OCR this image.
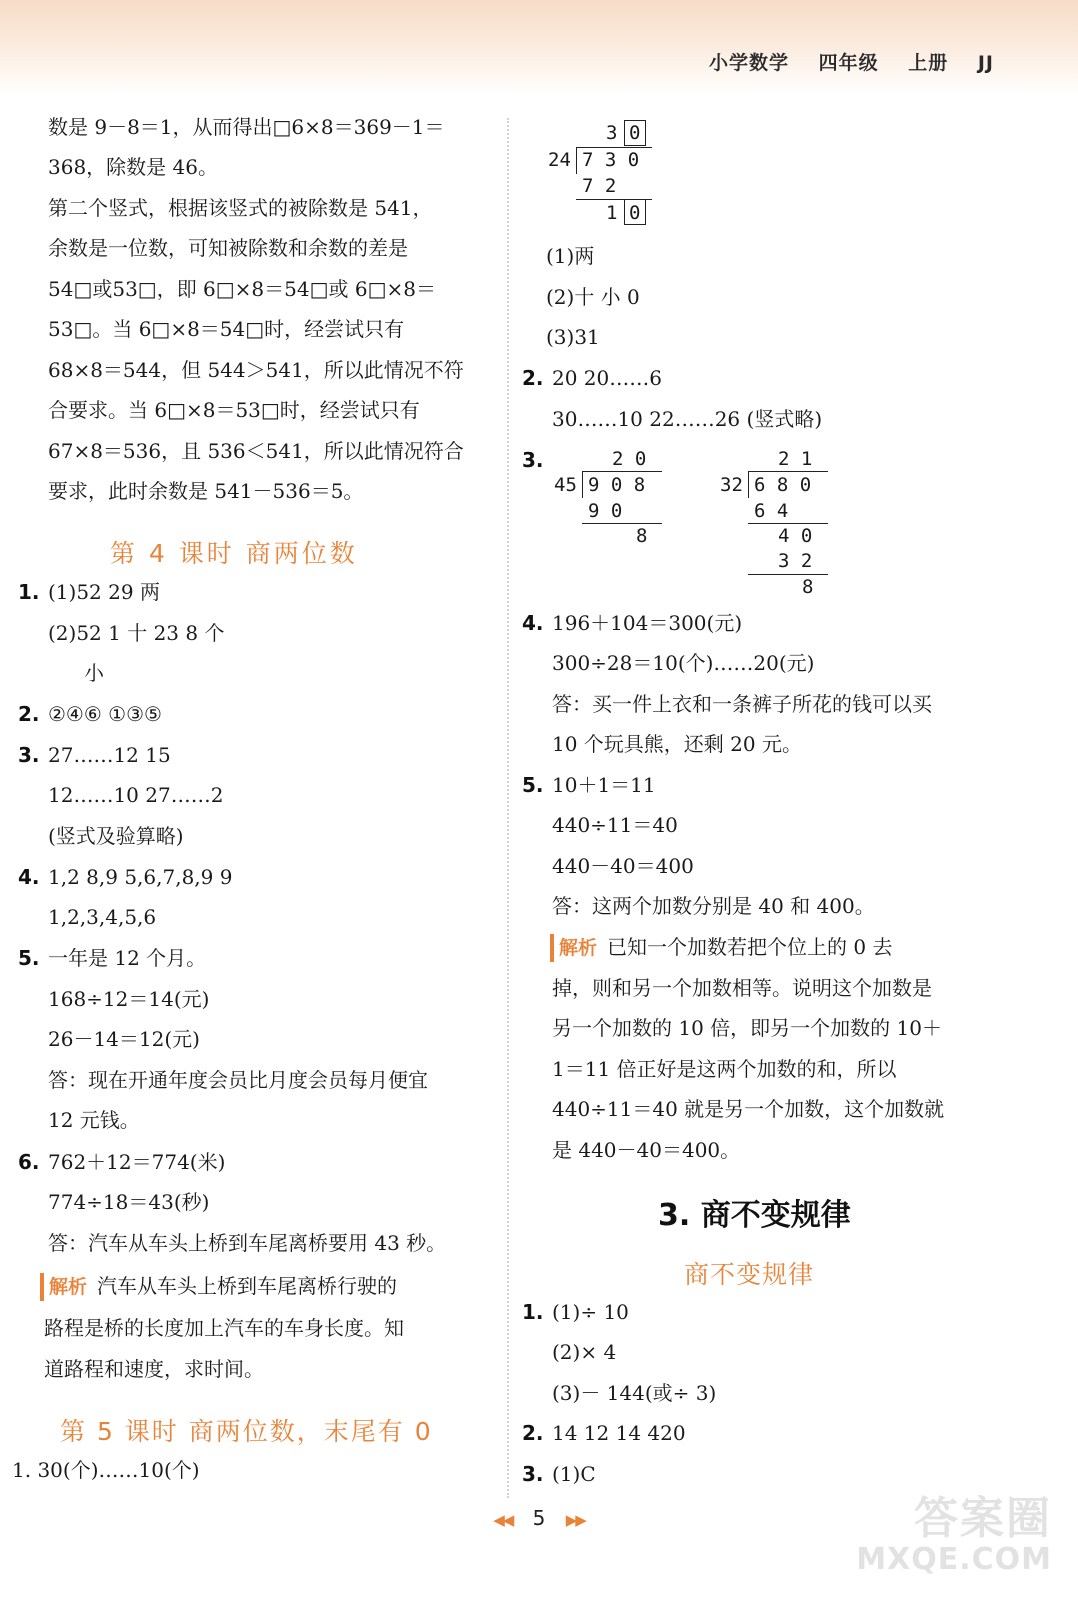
小学数学 四年级 上册 JJ
数是 9－8＝1，从而得出□6×8＝369－1＝
368，除数是 46。
第二个竖式，根据该竖式的被除数是 541，
余数是一位数，可知被除数和余数的差是
54□或53□，即 6□×8＝54□或 6□×8＝
53□。当 6□×8＝54□时，经尝试只有
68×8＝544，但 544＞541，所以此情况不符
合要求。当 6□×8＝53□时，经尝试只有
67×8＝536，且 536＜541，所以此情况符合
要求，此时余数是 541－536＝5。
第 4 课时 商两位数
1. (1)52 29 两
(2)52 1 十 23 8 个
小
2. ②④⑥ ①③⑤
3. 27……12 15
12……10 27……2
(竖式及验算略)
4. 1,2 8,9 5,6,7,8,9 9
1,2,3,4,5,6
5. 一年是 12 个月。
168÷12＝14(元)
26－14＝12(元)
答：现在开通年度会员比月度会员每月便宜
12 元钱。
6. 762＋12＝774(米)
774÷18＝43(秒)
答：汽车从车头上桥到车尾离桥要用 43 秒。
解析 汽车从车头上桥到车尾离桥行驶的
路程是桥的长度加上汽车的车身长度。知
道路程和速度，求时间。
第 5 课时 商两位数，末尾有 0
1. 30(个)……10(个)
3 0
24 7 3 0
7 2
1 0
(1)两
(2)十 小 0
(3)31
2. 20 20……6
30……10 22……26 (竖式略)
3.	2 0
45 9 0 8
9 0
8
2 1
32 6 8 0
6 4
4 0
3 2
8
4. 196＋104＝300(元)
300÷28＝10(个)……20(元)
答：买一件上衣和一条裤子所花的钱可以买
10 个玩具熊，还剩 20 元。
5. 10＋1＝11
440÷11＝40
440－40＝400
答：这两个加数分别是 40 和 400。
解析 已知一个加数若把个位上的 0 去
掉，则和另一个加数相等。说明这个加数是
另一个加数的 10 倍，即另一个加数的 10＋
1＝11 倍正好是这两个加数的和，所以
440÷11＝40 就是另一个加数，这个加数就
是 440－40＝400。
3. 商不变规律
商不变规律
1. (1)÷ 10
(2)× 4
(3)－ 144(或÷ 3)
2. 14 12 14 420
3. (1)C
◀◀ 5 ▶▶	答案圈
MXQE.COM
